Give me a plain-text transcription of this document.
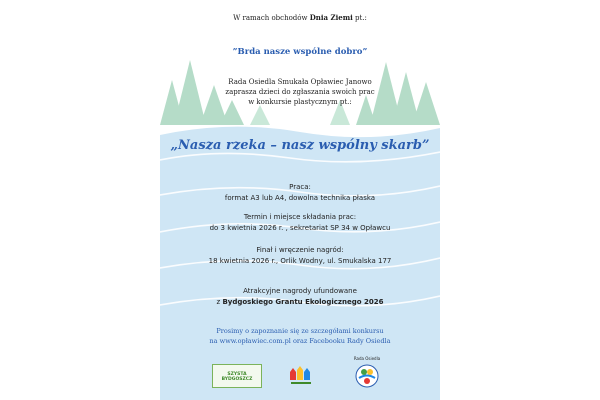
W ramach obchodów Dnia Ziemi pt.:
”Brda nasze wspólne dobro”
Rada Osiedla Smukała Opławiec Janowo
zaprasza dzieci do zgłaszania swoich prac
w konkursie plastycznym pt.:
„Nasza rzeka – nasz wspólny skarb”
Praca:
format A3 lub A4, dowolna technika płaska
Termin i miejsce składania prac:
do 3 kwietnia 2026 r. , sekretariat SP 34 w Opławcu
Finał i wręczenie nagród:
18 kwietnia 2026 r., Orlik Wodny, ul. Smukalska 177
Atrakcyjne nagrody ufundowane
z Bydgoskiego Grantu Ekologicznego 2026
Prosimy o zapoznanie się ze szczegółami konkursu
na www.opławiec.com.pl oraz Facebooku Rady Osiedla
SZYSTA BYDGOSZCZ
Rada Osiedla
